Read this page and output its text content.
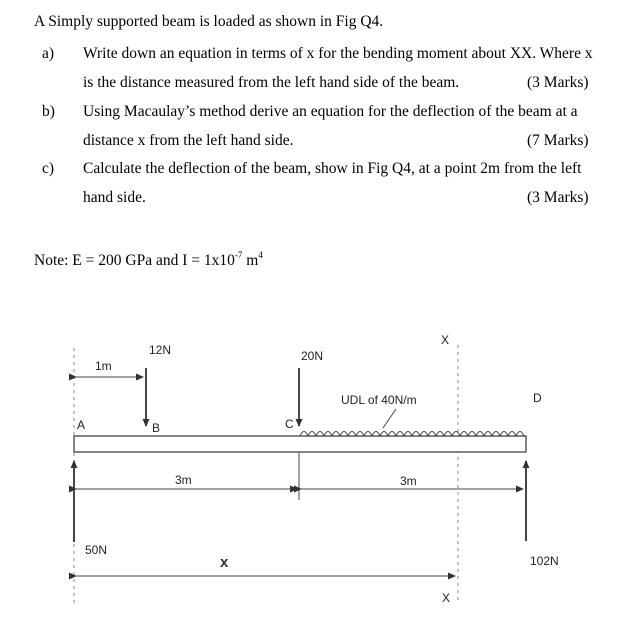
A Simply supported beam is loaded as shown in Fig Q4.
a) Write down an equation in terms of x for the bending moment about XX. Where x
is the distance measured from the left hand side of the beam.	(3 Marks)
b) Using Macaulay’s method derive an equation for the deflection of the beam at a
distance x from the left hand side.	(7 Marks)
c) Calculate the deflection of the beam, show in Fig Q4, at a point 2m from the left
hand side.	(3 Marks)
Note: E = 200 GPa and $I = 1x10^{-7}$ $m^4$
A	B	C
D
X
X
12N	20N
UDL of 40N/m
1m
3m	3m
50N
102N
x
